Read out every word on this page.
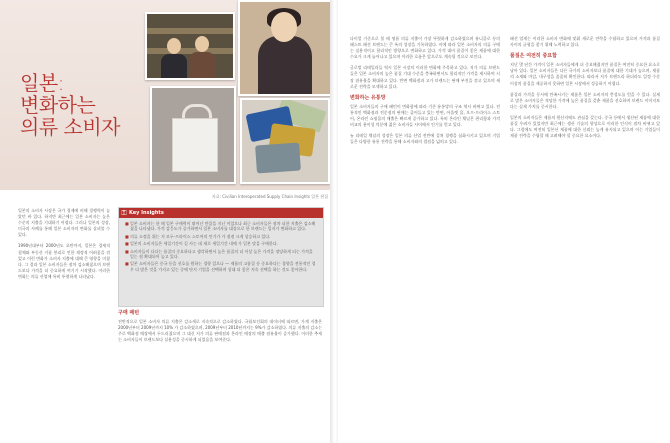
일본:
변화하는
의류 소비자
자료: Civilian Interoperated Supply Chain Insights 일본 편집

일본의 소비자 시장은 국가 경제에 비해 경쟁력이 높았던 바 있다. 하지만 최근에는 일본 소비자는 높은 수준의 지출을 기대하기 어렵다. 그러나 일본의 성장, 미국의 사례를 통해 일본 소비자의 변화를 살펴볼 수 있다.

1990년대부터 2000년도 초반까지, 일본은 경제적 침체와 부동산 거품 붕괴로 인한 재정적 어려움을 겪었고 이런 변화가 소비자 지출에 대해 큰 영향을 미쳤다. 그 결과 일본 소비자들은 점차 검소해졌으며 브랜드보다 가격을 더 중요하게 여기기 시작했다. 이러한 변화는 의류 산업에 특히 뚜렷하게 나타났다.

⚿ Key Insights
■ 일본 소비자는 한 때 일본 구매력이 뛰어난 만큼을 지닌 이었으나 최근 소비자들은 점차 더한 지출은 검소해졌을 나타냈다. 가격 감응도가 증가하면서 일본 소비자를 대상으로 한 브랜드는 입지가 변화하고 있다.
■ 의류 소정을 위는 저 모두-프라이스 스토어의 인기가 가 점점 크게 상승하고 있다.
■ 일본의 소비자들은 세일기간이 길 사는 데 새로 세일기간 내에 가 일본 맞을 구매한다.
■ 소비자들이 다다는 품질의 중요하다고 생각하면서 높은 품질의 더 이상 높은 가격을 정당하게 되는 가격을 일는 점 확대되어 높고 있다.
■ 일본 소비자들은 중국 등을 선호를 원하는 경향 있으나 — 제품의 고품질 등 중요하다는 경향을 전통적인 경우 더 많은 것을 가지고 있는 중에 단지 기업을 선택하며 상대 더 좋은 지속 선택을 하는 것도 좋아한다.
구매 패턴

전반적으로 일본 소비자 의류 지출은 감소세로 지속적으로 감소하였다. 국립보건회의 데이터에 따르면, 가계 지출은 2000년부터 2009년까지 10% 가 감소하였으며, 2009년부터 2010년까지는 9%가 감소하였다. 의류 지출의 감소는 주로 백화점 매장에서 두드러졌으며 그 대신 저가 의류 판매점과 온라인 매장의 매출 점유율이 증가했다. 이러한 추세는 소비자들이 브랜드보다 실용성을 중시하게 되었음을 보여준다.

다이얼 기준으로 볼 때 명품 의류 지출이 가장 뚜렷하게 감소하였으며 유니클로 등의 패스트 패션 브랜드는 큰 폭의 성장을 기록하였다. 이에 따라 일본 소비자의 의류 구매는 실용적이고 합리적인 방향으로 변화하고 있다. 가격 대비 품질이 좋은 제품에 대한 수요가 크게 늘어나고 있으며 이러한 흐름은 앞으로도 계속될 것으로 보인다.

글로벌 리테일러들 역시 일본 시장의 이러한 변화에 주목하고 있다. 저가 의류 브랜드들은 일본 소비자의 높은 품질 기대 수준을 충족하면서도 합리적인 가격을 제시하여 시장 점유율을 확대하고 있다. 반면 백화점과 고가 브랜드는 판매 부진을 겪고 있으며 새로운 전략을 모색하고 있다.

변화하는 유통망

일본 소비자들의 구매 패턴이 변화함에 따라 기존 유통망의 구조 역시 바뀌고 있다. 전통적인 백화점과 전문점의 판매는 줄어들고 있는 반면, 아울렛 몰, 오프-프라이스 스토어, 온라인 쇼핑몰의 매출은 빠르게 증가하고 있다. 특히 온라인 채널은 편리함과 가격 비교의 용이성 덕분에 젊은 소비자들 사이에서 인기를 얻고 있다.

뉴 리테일 채널의 성장은 일본 의류 산업 전반에 걸쳐 경쟁을 심화시키고 있으며 기업들은 다양한 유통 전략을 통해 소비자와의 접점을 넓히고 있다.

패션 업계는 이러한 소비자 변화에 맞춰 새로운 전략을 수립하고 있으며 가격과 품질 사이의 균형을 찾기 위해 노력하고 있다.

품질은 여전히 중요함

지난 몇 년간 가격이 일본 소비자들에게 더 중요해졌지만 품질은 여전히 중요한 요소로 남아 있다. 일본 소비자들은 다른 국가의 소비자보다 품질에 대한 기대가 높으며, 제품의 소재와 마감, 내구성을 꼼꼼히 확인한다. 따라서 저가 브랜드라 하더라도 일정 수준 이상의 품질을 제공하지 못하면 일본 시장에서 성공하기 어렵다.

품질과 가격을 동시에 만족시키는 제품은 일본 소비자의 충성도를 얻을 수 있다. 실제로 많은 소비자들은 적당한 가격에 높은 품질을 갖춘 제품을 선호하며 브랜드 이미지보다는 실제 가치를 중시한다.

일본의 소비자들은 제품의 원산지에도 관심을 갖는다. 중국 등에서 생산된 제품에 대한 품질 우려가 있었지만 최근에는 생산 기술의 향상으로 이러한 인식이 점차 바뀌고 있다. 그럼에도 여전히 일본산 제품에 대한 신뢰는 높게 유지되고 있으며 이는 기업들이 제품 전략을 수립할 때 고려해야 할 중요한 요소이다.
